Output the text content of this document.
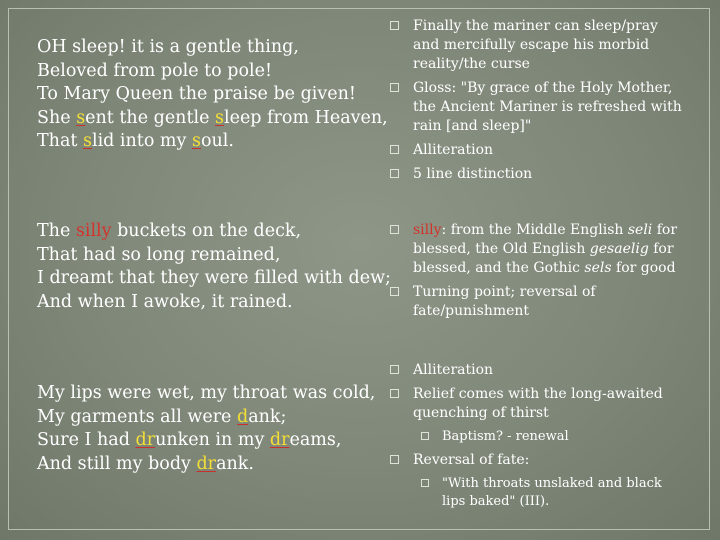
OH sleep! it is a gentle thing,
Beloved from pole to pole!
To Mary Queen the praise be given!
She sent the gentle sleep from Heaven,
That slid into my soul.
The silly buckets on the deck,
That had so long remained,
I dreamt that they were filled with dew;
And when I awoke, it rained.
My lips were wet, my throat was cold,
My garments all were dank;
Sure I had drunken in my dreams,
And still my body drank.
Finally the mariner can sleep/pray and mercifully escape his morbid reality/the curse
Gloss: "By grace of the Holy Mother, the Ancient Mariner is refreshed with rain [and sleep]"
Alliteration
5 line distinction
silly: from the Middle English seli for blessed, the Old English gesaelig for blessed, and the Gothic sels for good
Turning point; reversal of fate/punishment
Alliteration
Relief comes with the long-awaited quenching of thirst
Baptism? - renewal
Reversal of fate:
"With throats unslaked and black lips baked" (III).
